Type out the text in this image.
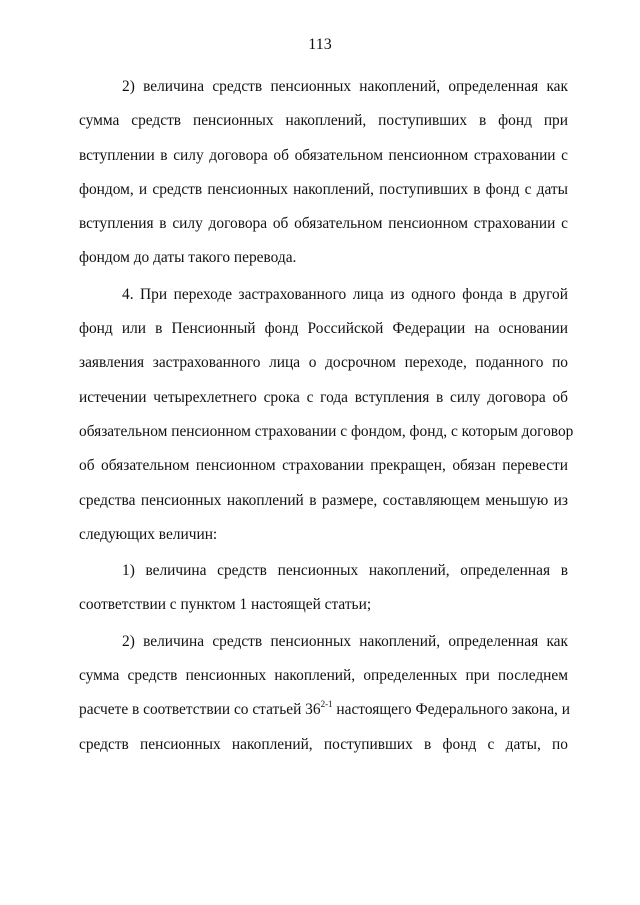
113
2) величина средств пенсионных накоплений, определенная как
сумма средств пенсионных накоплений, поступивших в фонд при
вступлении в силу договора об обязательном пенсионном страховании с
фондом, и средств пенсионных накоплений, поступивших в фонд с даты
вступления в силу договора об обязательном пенсионном страховании с
фондом до даты такого перевода.
4. При переходе застрахованного лица из одного фонда в другой
фонд или в Пенсионный фонд Российской Федерации на основании
заявления застрахованного лица о досрочном переходе, поданного по
истечении четырехлетнего срока с года вступления в силу договора об
обязательном пенсионном страховании с фондом, фонд, с которым договор
об обязательном пенсионном страховании прекращен, обязан перевести
средства пенсионных накоплений в размере, составляющем меньшую из
следующих величин:
1) величина средств пенсионных накоплений, определенная в
соответствии с пунктом 1 настоящей статьи;
2) величина средств пенсионных накоплений, определенная как
сумма средств пенсионных накоплений, определенных при последнем
расчете в соответствии со статьей 36$^{2-1}$ настоящего Федерального закона, и
средств пенсионных накоплений, поступивших в фонд с даты, по
